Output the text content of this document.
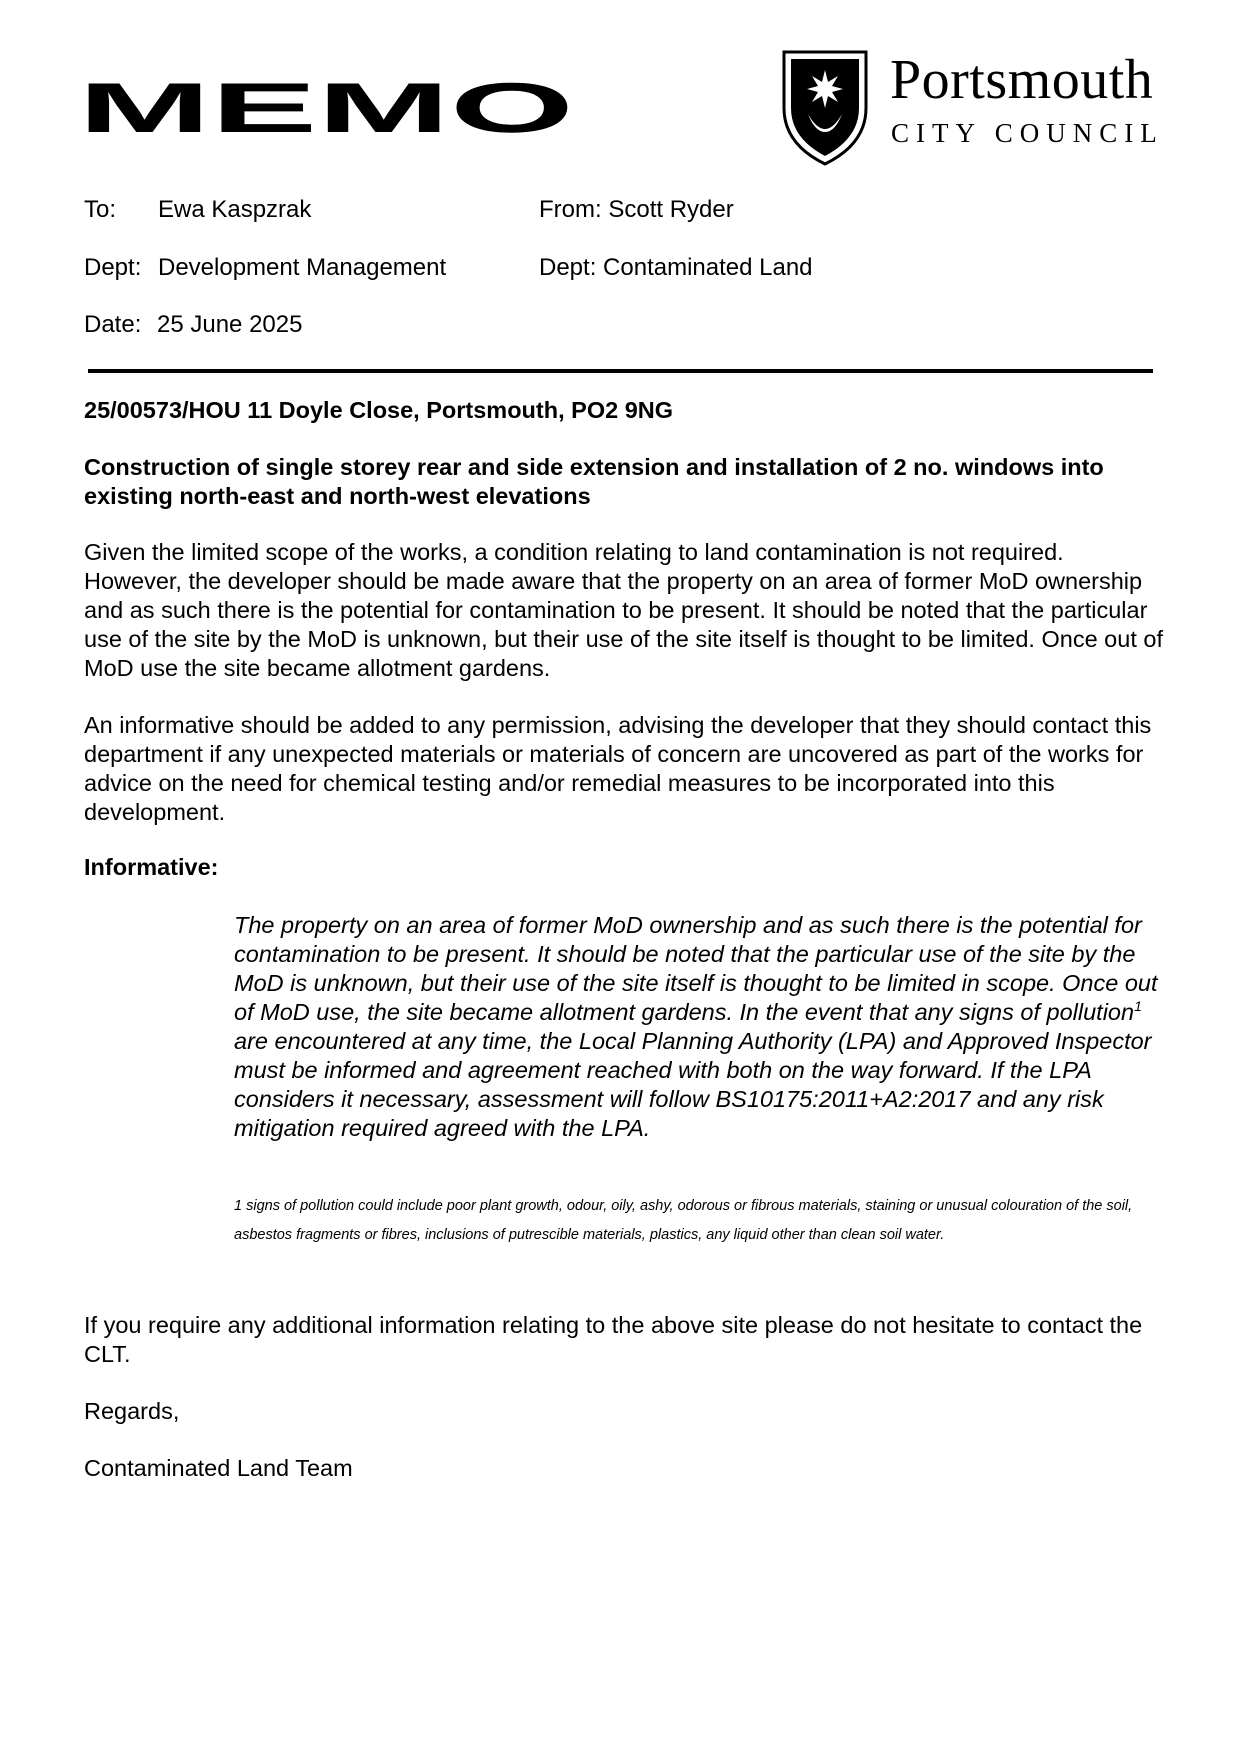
MEMO	Portsmouth
CITY COUNCIL
To: Ewa Kaspzrak	From: Scott Ryder
Dept: Development Management	Dept: Contaminated Land
Date: 25 June 2025

25/00573/HOU 11 Doyle Close, Portsmouth, PO2 9NG

Construction of single storey rear and side extension and installation of 2 no. windows into existing north-east and north-west elevations

Given the limited scope of the works, a condition relating to land contamination is not required. However, the developer should be made aware that the property on an area of former MoD ownership and as such there is the potential for contamination to be present. It should be noted that the particular use of the site by the MoD is unknown, but their use of the site itself is thought to be limited. Once out of MoD use the site became allotment gardens.

An informative should be added to any permission, advising the developer that they should contact this department if any unexpected materials or materials of concern are uncovered as part of the works for advice on the need for chemical testing and/or remedial measures to be incorporated into this development.

Informative:

The property on an area of former MoD ownership and as such there is the potential for contamination to be present. It should be noted that the particular use of the site by the MoD is unknown, but their use of the site itself is thought to be limited in scope. Once out of MoD use, the site became allotment gardens. In the event that any signs of pollution$^1$ are encountered at any time, the Local Planning Authority (LPA) and Approved Inspector must be informed and agreement reached with both on the way forward. If the LPA considers it necessary, assessment will follow BS10175:2011+A2:2017 and any risk mitigation required agreed with the LPA.

1 signs of pollution could include poor plant growth, odour, oily, ashy, odorous or fibrous materials, staining or unusual colouration of the soil, asbestos fragments or fibres, inclusions of putrescible materials, plastics, any liquid other than clean soil water.

If you require any additional information relating to the above site please do not hesitate to contact the CLT.

Regards,

Contaminated Land Team
